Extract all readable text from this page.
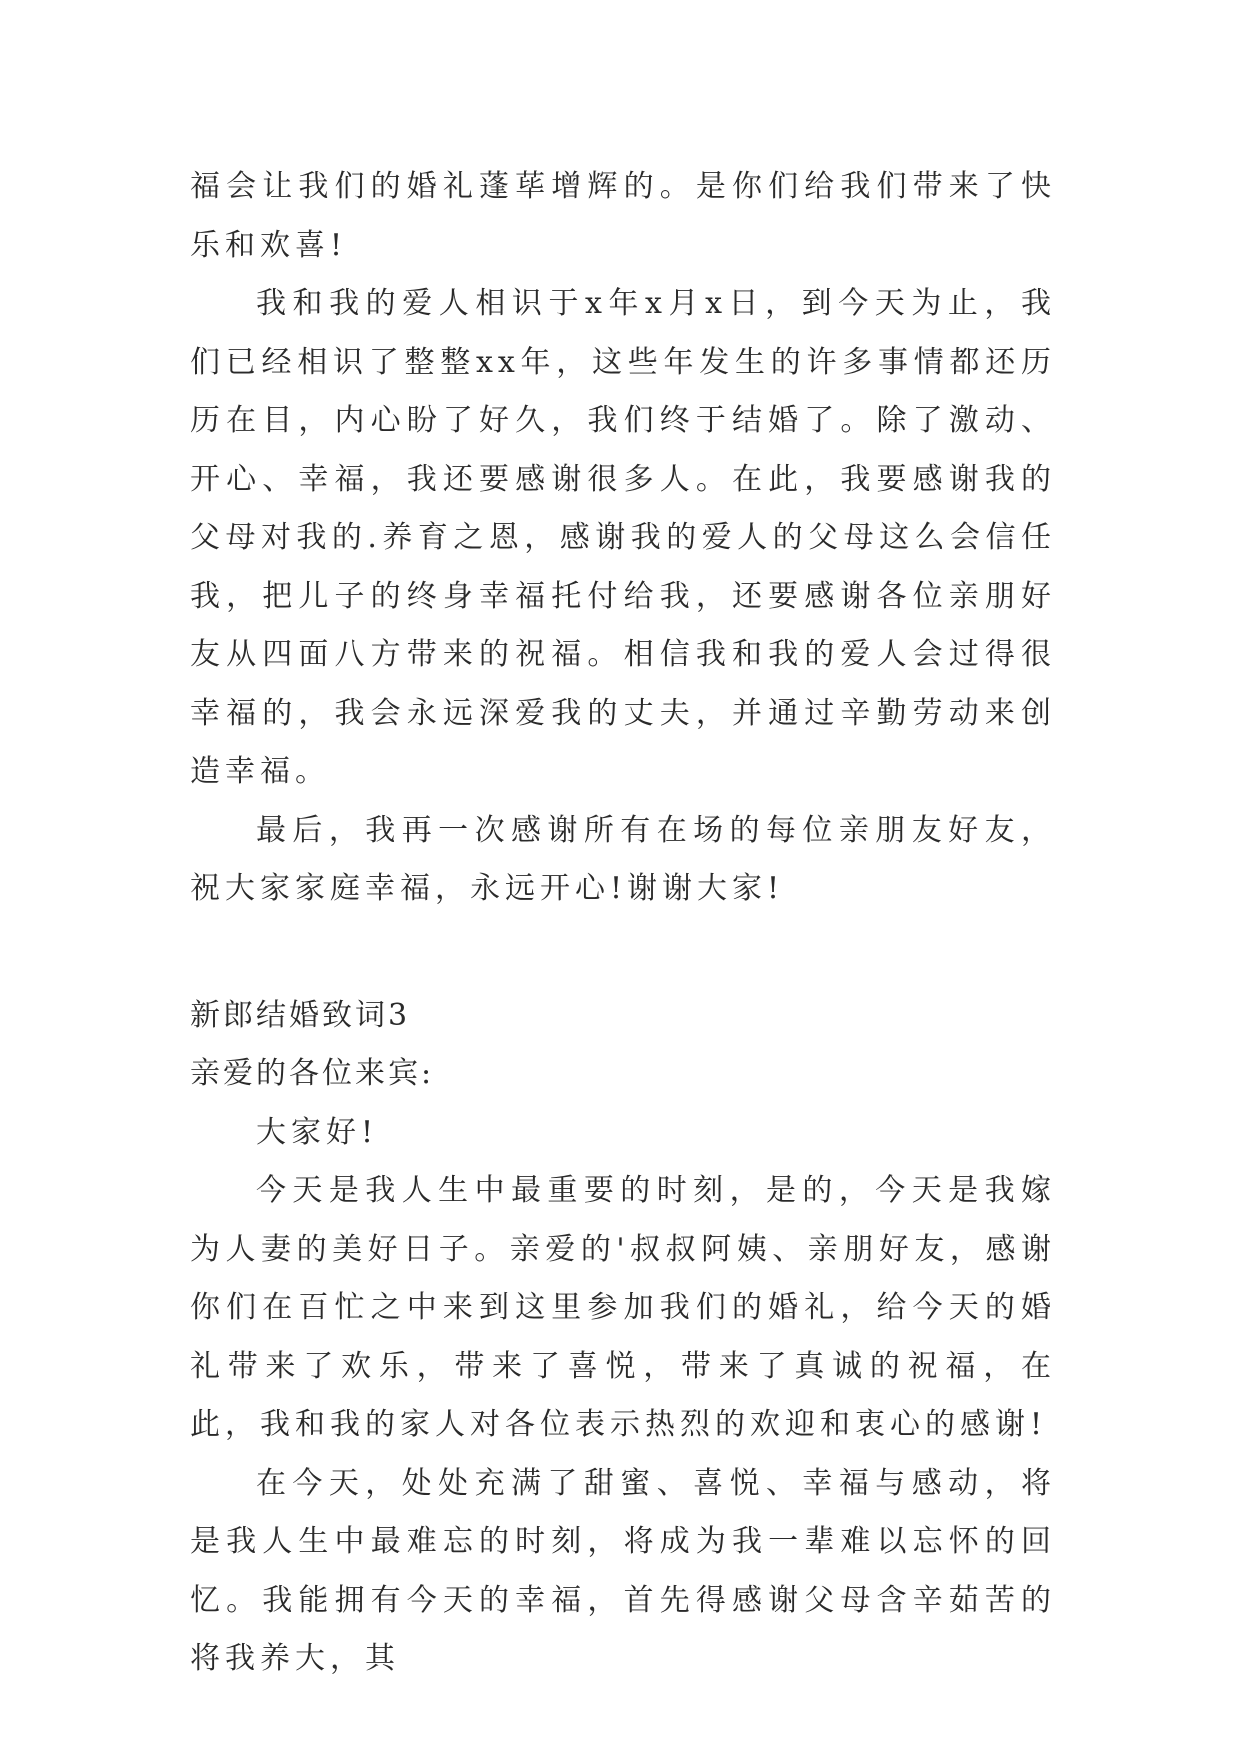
福会让我们的婚礼蓬荜增辉的。是你们给我们带来了快乐和欢喜!

我和我的爱人相识于x年x月x日，到今天为止，我们已经相识了整整xx年，这些年发生的许多事情都还历历在目，内心盼了好久，我们终于结婚了。除了激动、开心、幸福，我还要感谢很多人。在此，我要感谢我的父母对我的.养育之恩，感谢我的爱人的父母这么会信任我，把儿子的终身幸福托付给我，还要感谢各位亲朋好友从四面八方带来的祝福。相信我和我的爱人会过得很幸福的，我会永远深爱我的丈夫，并通过辛勤劳动来创造幸福。

最后，我再一次感谢所有在场的每位亲朋友好友，祝大家家庭幸福，永远开心!谢谢大家!

新郎结婚致词3

亲爱的各位来宾:

大家好!

今天是我人生中最重要的时刻，是的，今天是我嫁为人妻的美好日子。亲爱的'叔叔阿姨、亲朋好友，感谢你们在百忙之中来到这里参加我们的婚礼，给今天的婚礼带来了欢乐，带来了喜悦，带来了真诚的祝福，在此，我和我的家人对各位表示热烈的欢迎和衷心的感谢!

在今天，处处充满了甜蜜、喜悦、幸福与感动，将是我人生中最难忘的时刻，将成为我一辈难以忘怀的回忆。我能拥有今天的幸福，首先得感谢父母含辛茹苦的将我养大，其
